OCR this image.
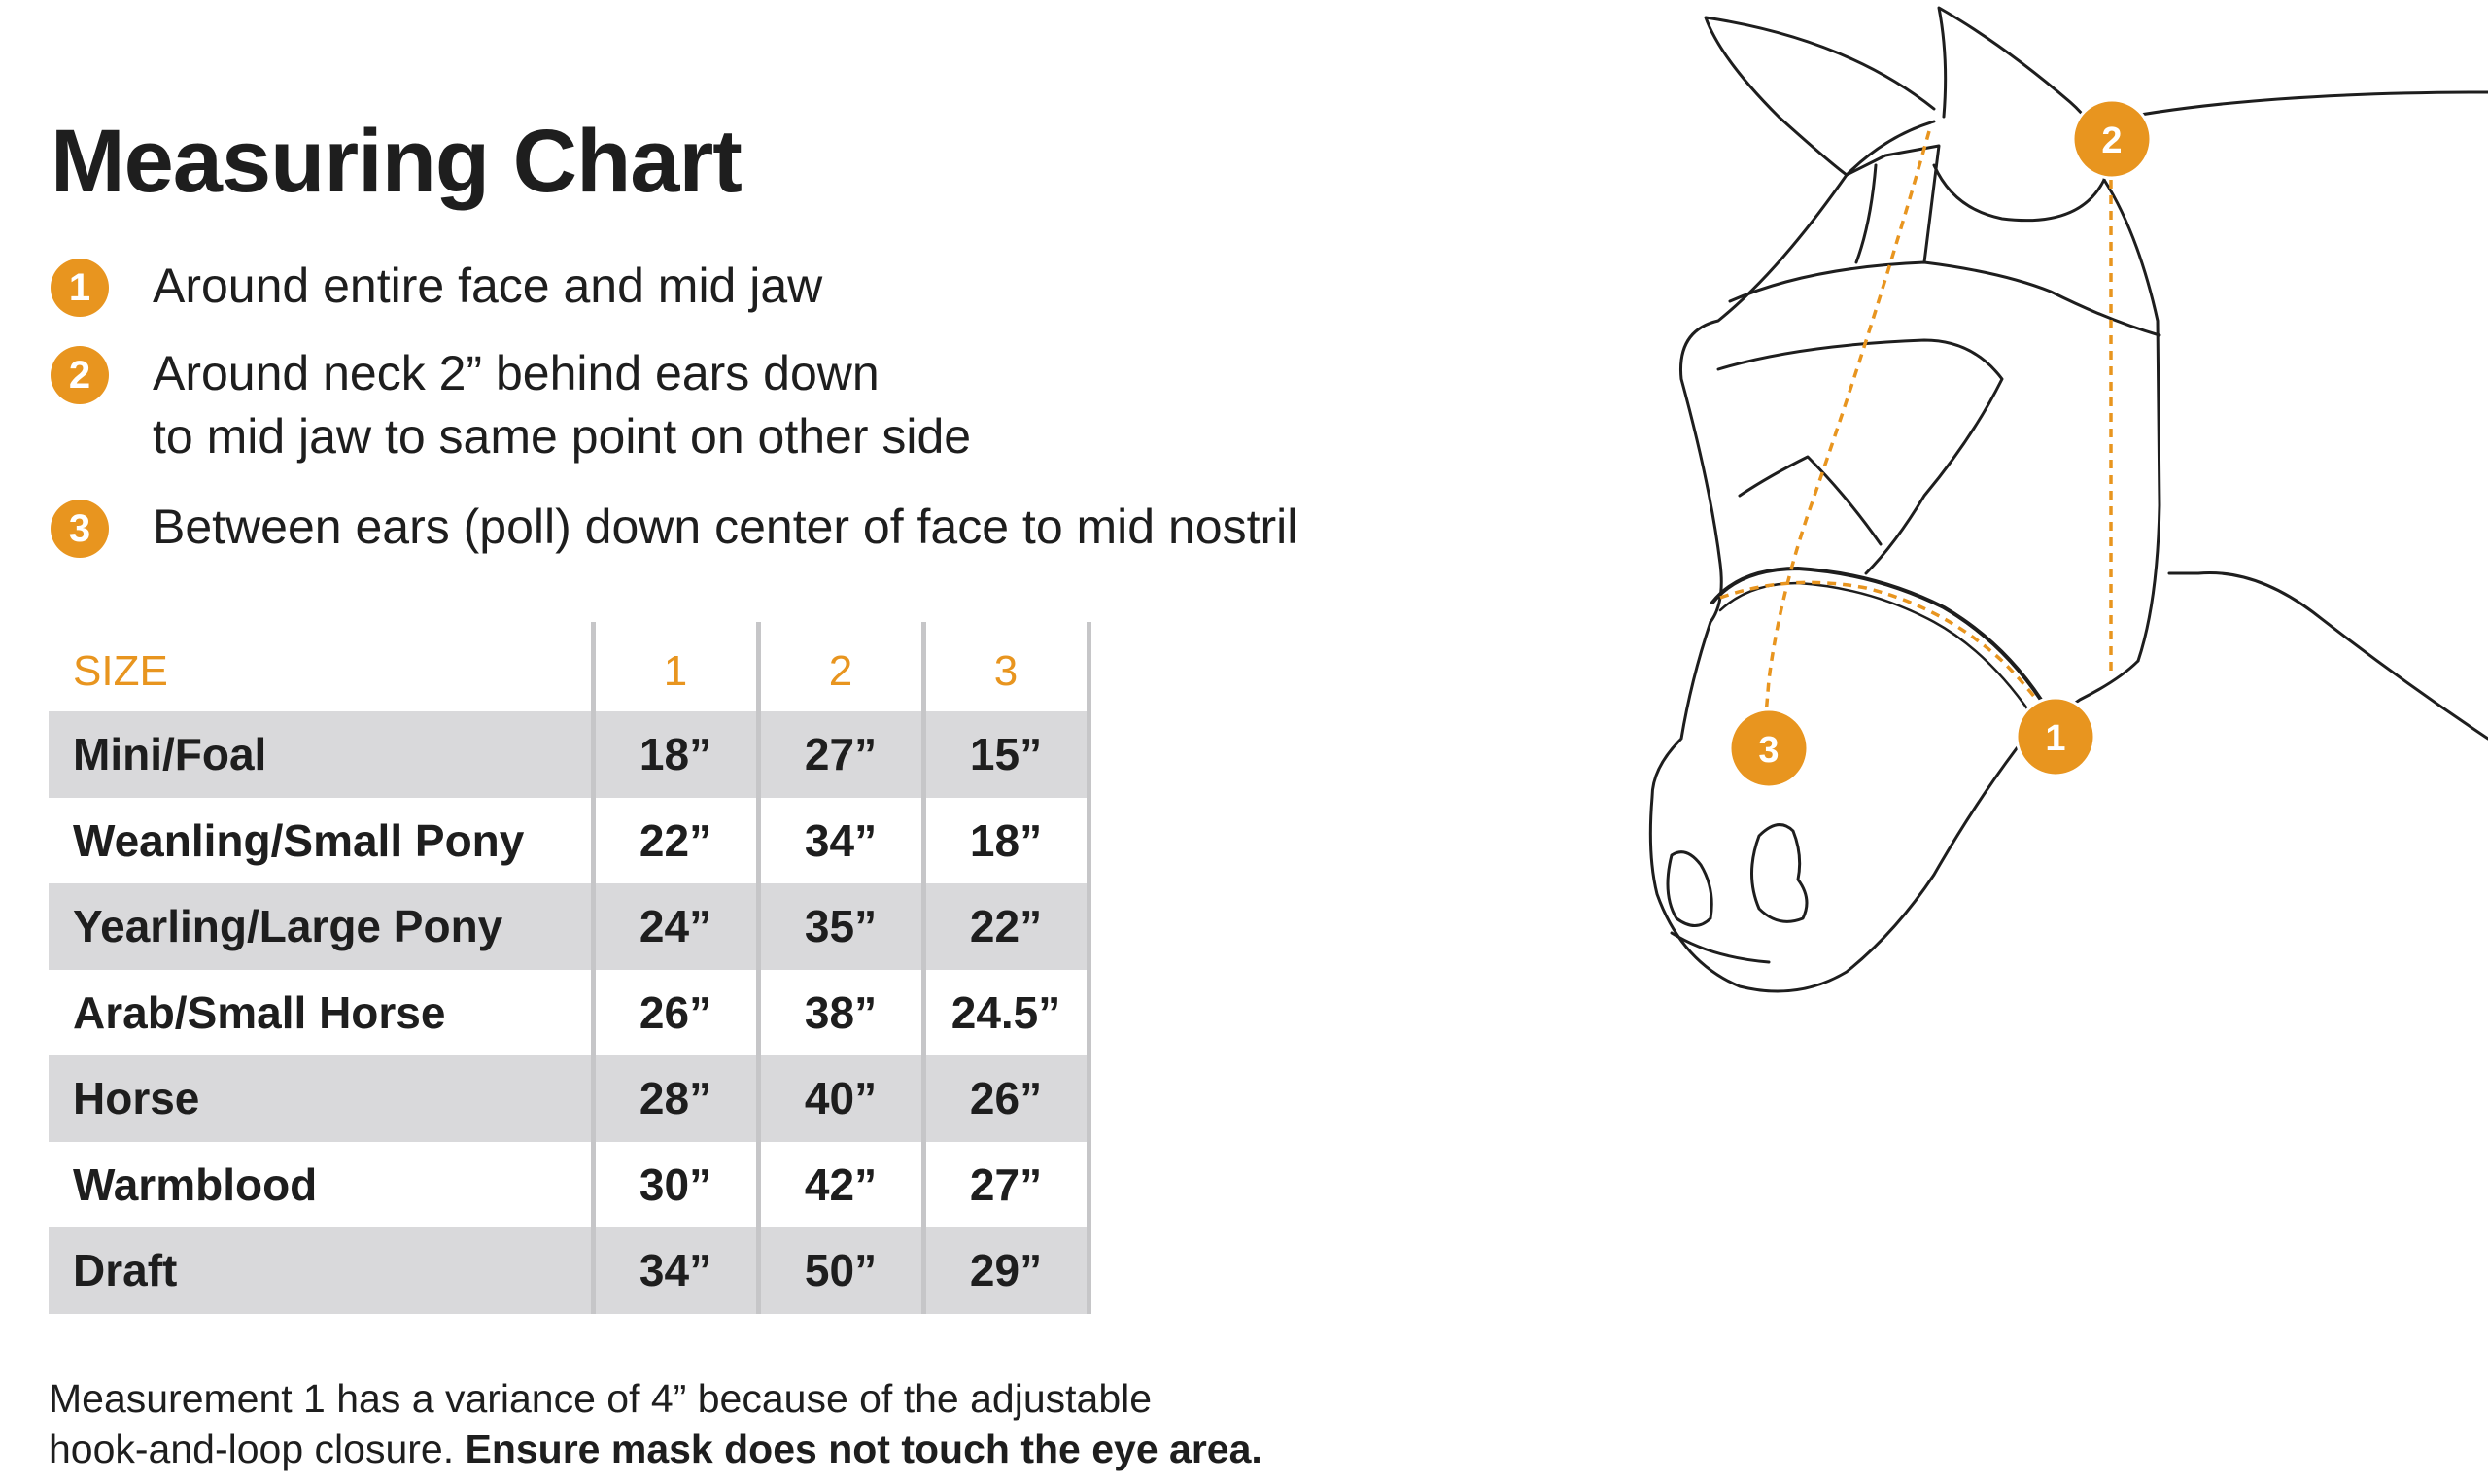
Measuring Chart
1	Around entire face and mid jaw
2	Around neck 2” behind ears down
to mid jaw to same point on other side
3	Between ears (poll) down center of face to mid nostril
SIZE	1	2	3
Mini/Foal	18”	27”	15”
Weanling/Small Pony	22”	34”	18”
Yearling/Large Pony	24”	35”	22”
Arab/Small Horse	26”	38”	24.5”
Horse	28”	40”	26”
Warmblood	30”	42”	27”
Draft	34”	50”	29”
Measurement 1 has a variance of 4” because of the adjustable
hook-and-loop closure. Ensure mask does not touch the eye area.
2
1
3
